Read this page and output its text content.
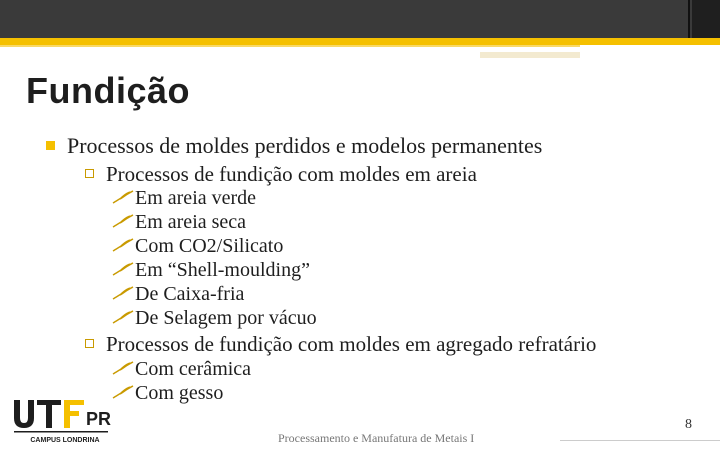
Fundição
Processos de moldes perdidos e modelos permanentes
Processos de fundição com moldes em areia
Em areia verde
Em areia seca
Com CO2/Silicato
Em “Shell-moulding”
De Caixa-fria
De Selagem por vácuo
Processos de fundição com moldes em agregado refratário
Com cerâmica
Com gesso
PR
CAMPUS LONDRINA	Processamento e Manufatura de Metais I
8
